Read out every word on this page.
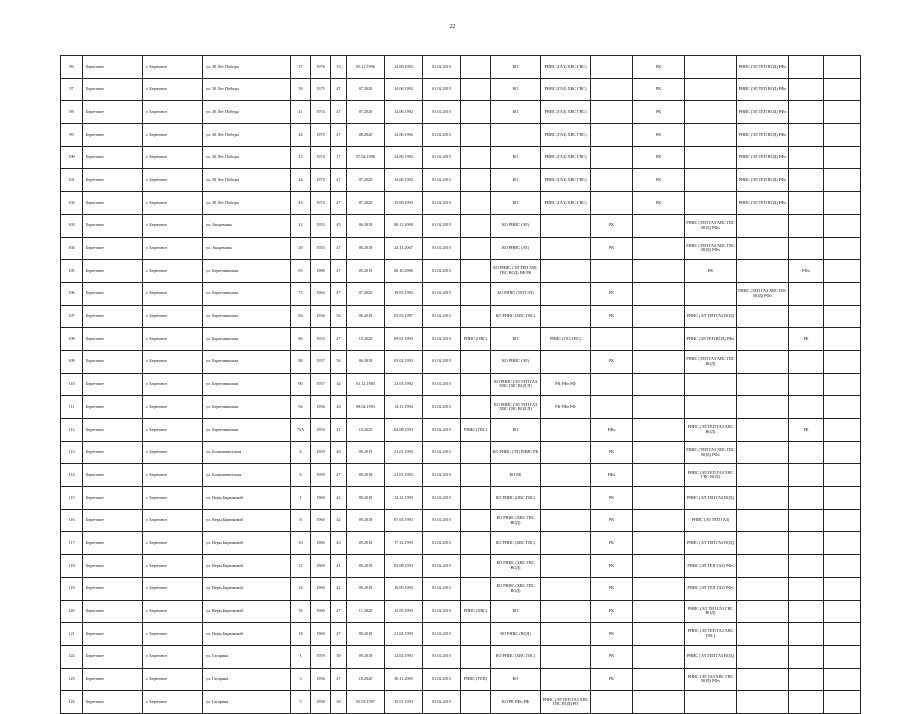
22
96	Береговое	г. Береговое	ул. 30 Лет Победы	37	1976	15	05.11.1996	14.06.1992	01.02.2015		КО	РНИС (ГАЗ) ХВС ГВС)		РК		РНИС (ЭЛ ТЕП ВОД) РФо		
97	Береговое	г. Береговое	ул. 30 Лет Победы	39	1975	47	07.2020	14.06.1992	01.02.2015		КО	РНИС (ГАЗ) ХВС ГВС)		РК		РНИС (ЭЛ ТЕП ВОД) РФо		
98	Береговое	г. Береговое	ул. 30 Лет Победы	41	1974	47	07.2020	14.06.1992	01.02.2015		КО	РНИС (ГАЗ) ХВС ГВС)		РК		РНИС (ЭЛ ТЕП ВОД) РФо		
99	Береговое	г. Береговое	ул. 30 Лет Победы	42	1975	47	08.2020	14.06.1992	01.02.2015			РНИС (ГАЗ) ХВС ГВС)		РК		РНИС (ЭЛ ТЕП ВОД) РФо		
100	Береговое	г. Береговое	ул. 30 Лет Победы	43	1974	17	07.04.1996	14.06.1992	01.02.2015		КО	РНИС (ГАЗ) ХВС ГВС)		РК		РНИС (ЭЛ ТЕП ВОД) РФо		
101	Береговое	г. Береговое	ул. 30 Лет Победы	44	1975	47	07.2020	14.06.1992	01.02.2015		КО	РНИС (ГАЗ) ХВС ГВС)		РК		РНИС (ЭЛ ТЕП ВОД) РФо		
102	Береговое	г. Береговое	ул. 30 Лет Победы	45	1974	47	07.2020	15.06.1993	01.02.2015		КО	РНИС (ГАЗ) ХВС ГВС)		РК		РНИС (ЭЛ ТЕП ВОД) РФо		
103	Береговое	г. Береговое	ул. Академика	12	1955	45	06.2018	08.11.2008	01.02.2015		КО РНИС (ЭЛ)		РК		РНИС (ТЕП ГАЗ ХВС ГВС ВОД) РФо			
104	Береговое	г. Береговое	ул. Академика	20	1955	47	06.2018	24.11.2007	01.02.2015		КО РНИС (ЭЛ)		РК		РНИС (ТЕП ГАЗ ХВС ГВС ВОД) РФо			
105	Береговое	г. Береговое	ул. Береговинская	65	1980	47	05.2019	06.10.2006	01.02.2015		КО РНИС (ЭЛ ТЕП ХВС ГВС ВОД) РФ РК				РК		РФо	
106	Береговое	г. Береговое	ул. Береговинская	73	1964	47	07.2020	19.05.1992	01.02.2015		КО РНИС (ТЕП ЭЛ)		РК			РНИС (ТЕП ГАЗ ХВС ГВС ВОД) РФо		
107	Береговое	г. Береговое	ул. Береговинская	84	1936	54	06.2018	05.03.1997	01.02.2015		КО РНИС (ХВС ГВС)		РК		РНИС (ЭЛ ТЕП ГАЗ ВОД)			
108	Береговое	г. Береговое	ул. Береговинская	86	1933	47	10.2020	09.02.1993	01.02.2015	РНИС (ОВС)	КО	РНИС (ГАЗ ГВС)			РНИС (ЭЛ ТЕП ВОД) РФо		РК	
109	Береговое	г. Береговое	ул. Береговинская	88	1957	54	06.2018	03.02.1993	01.02.2015		КО РНИС (ЭЛ)		РК		РНИС (ТЕП ГАЗ ХВС ГВС ВОД)			
110	Береговое	г. Береговое	ул. Береговинская	90	1957	34	01.12.1983	23.03.1992	01.02.2015		КО РНИС (ЭЛ ТЕП ГАЗ ХВС ГВС ВОД П)	РК РФо РФ						
111	Береговое	г. Береговое	ул. Береговинская	94	1956	26	08.04.1993	14.11.1994	01.02.2015		КО РНИС (ЭЛ ТЕП ГАЗ ХВС ГВС ВОД П)	РК РФо РФ						
112	Береговое	г. Береговое	ул. Береговинская	75А	1954	47	10.2020	04.08.1993	01.02.2015	РНИС (ГВС)	КО		РФо		РНИС (ЭЛ ТЕП ГАЗ ХВС ВОД)		РК	
113	Береговое	г. Береговое	ул. Большевистская	4	1959	46	09.2019	21.01.1993	01.02.2015		КО РНИС (ЭЛ) РНИС РК		РК		РНИС (ТЕП ГАЗ ХВС ГВС ВОД) РФо			
114	Береговое	г. Береговое	ул. Большевистская	6	1959	47	09.2018	21.01.1992	01.02.2015		КО РК		РФо		РНИС (ЭЛ ТЕП ГАЗ ХВС ГВС ВОД)			
115	Береговое	г. Береговое	ул. Веры Бирюковой	1	1960	42	09.2018	14.12.1993	01.02.2015		КО РНИС (ОВС ГВС)		РК		РНИС (ЭЛ ТЕП ГАЗ ВОД)			
116	Береговое	г. Береговое	ул. Веры Бирюковой	8	1960	42	09.2018	07.05.1993	01.02.2015		КО РНИС (ХВС ГВС ВОД)		РК		РНИС (ЭЛ ТЕП ГАЗ)			
117	Береговое	г. Береговое	ул. Веры Бирюковой	10	1960	43	09.2018	17.12.1993	01.02.2015		КО РНИС (ХВС ГВС)		РК		РНИС (ЭЛ ТЕП ГАЗ ВОД)			
118	Береговое	г. Береговое	ул. Веры Бирюковой	12	1960	41	09.2018	03.08.1993	01.02.2015		КО РНИС (ХВС ГВС ВОД)		РК		РНИС (ЭЛ ТЕП ГАЗ) РФо			
119	Береговое	г. Береговое	ул. Веры Бирюковой	14	1960	42	09.2018	10.09.1993	01.02.2015		КО РНИС (ХВС ГВС ВОД)		РК		РНИС (ЭЛ ТЕП ГАЗ) РФо			
120	Береговое	г. Береговое	ул. Веры Бирюковой	16	1960	47	11.2020	12.05.1993	01.02.2015	РНИС (ХВС)	КО		РК		РНИС (ЭЛ ТЕП ГАЗ ГВС ВОД)			
121	Береговое	г. Береговое	ул. Веры Бирюковой	18	1960	47	09.2018	21.04.1993	01.02.2015		КО РНИС (ВОД)		РК		РНИС (ЭЛ ТЕП ГАЗ ХВС ГВС)			
122	Береговое	г. Береговое	ул. Гагарина	1	1959	39	09.2018	12.02.1993	01.02.2015		КО РНИС (ХВС ГВС)		РК		РНИС (ЭЛ ТЕП ГАЗ ВОД)			
123	Береговое	г. Береговое	ул. Гагарина	3	1956	47	10.2020	30.11.2005	01.02.2015	РНИС (ТЕП)	КО		РК		РНИС (ЭЛ ГАЗ ХВС ГВС ВОД) РФо			
124	Береговое	г. Береговое	ул. Гагарина	5	1958	30	05.03.1997	15.01.1993	01.02.2015		КО РК РФо РФ	РНИС (ЭЛ ТЕП ГАЗ ХВС ГВС ВОД) РП						
